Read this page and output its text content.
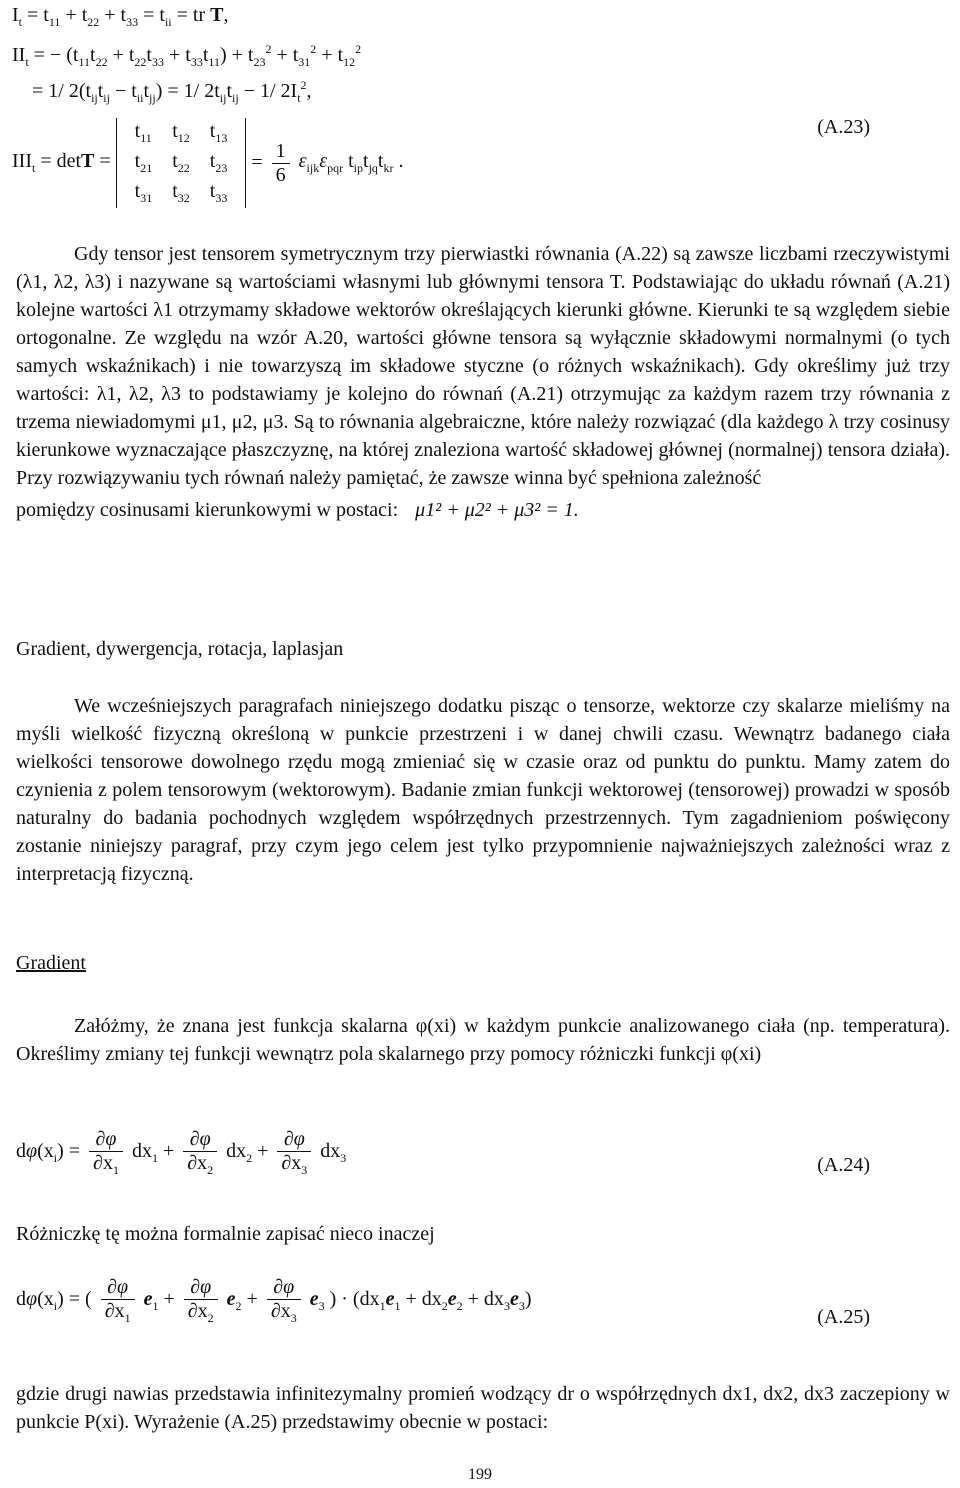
$I_t = t_{11} + t_{22} + t_{33} = t_{ii}$ = tr T,
$II_t$ = − $(t_{11}t_{22} + t_{22}t_{33} + t_{33}t_{11}) + t_{23}^2 + t_{31}^2 + t_{12}^2$
= 1/ $2(t_{ij}t_{ij} - t_{ii}t_{jj}) = 1/$ $2t_{ij}t_{ij} - 1/$ $2I_t^2$,
$III_t = \det T$ =
$t_{11}$	$t_{12}$	$t_{13}$
$t_{21}$	$t_{22}$	$t_{23}$
$t_{31}$	$t_{32}$	$t_{33}$
= $\frac{1}{6} \varepsilon_{ijk}\varepsilon_{pqr}$ $t_{ip}t_{jq}t_{kr}$ .
(A.23)

Gdy tensor jest tensorem symetrycznym trzy pierwiastki równania (A.22) są zawsze liczbami rzeczywistymi (λ1, λ2, λ3) i nazywane są wartościami własnymi lub głównymi tensora T. Podstawiając do układu równań (A.21) kolejne wartości λ1 otrzymamy składowe wektorów określających kierunki główne. Kierunki te są względem siebie ortogonalne. Ze względu na wzór A.20, wartości główne tensora są wyłącznie składowymi normalnymi (o tych samych wskaźnikach) i nie towarzyszą im składowe styczne (o różnych wskaźnikach). Gdy określimy już trzy wartości: λ1, λ2, λ3 to podstawiamy je kolejno do równań (A.21) otrzymując za każdym razem trzy równania z trzema niewiadomymi μ1, μ2, μ3. Są to równania algebraiczne, które należy rozwiązać (dla każdego λ trzy cosinusy kierunkowe wyznaczające płaszczyznę, na której znaleziona wartość składowej głównej (normalnej) tensora działa). Przy rozwiązywaniu tych równań należy pamiętać, że zawsze winna być spełniona zależność

pomiędzy cosinusami kierunkowymi w postaci: μ1² + μ2² + μ3² = 1.

Gradient, dywergencja, rotacja, laplasjan

We wcześniejszych paragrafach niniejszego dodatku pisząc o tensorze, wektorze czy skalarze mieliśmy na myśli wielkość fizyczną określoną w punkcie przestrzeni i w danej chwili czasu. Wewnątrz badanego ciała wielkości tensorowe dowolnego rzędu mogą zmieniać się w czasie oraz od punktu do punktu. Mamy zatem do czynienia z polem tensorowym (wektorowym). Badanie zmian funkcji wektorowej (tensorowej) prowadzi w sposób naturalny do badania pochodnych względem współrzędnych przestrzennych. Tym zagadnieniom poświęcony zostanie niniejszy paragraf, przy czym jego celem jest tylko przypomnienie najważniejszych zależności wraz z interpretacją fizyczną.

Gradient

Załóżmy, że znana jest funkcja skalarna φ(xi) w każdym punkcie analizowanego ciała (np. temperatura). Określimy zmiany tej funkcji wewnątrz pola skalarnego przy pomocy różniczki funkcji φ(xi)

$d\varphi(x_i) = \frac{\partial\varphi}{\partial x_1} dx_1 + \frac{\partial\varphi}{\partial x_2} dx_2 + \frac{\partial\varphi}{\partial x_3} dx_3$	(A.24)

Różniczkę tę można formalnie zapisać nieco inaczej

$d\varphi(x_i)$ = ( $\frac{\partial\varphi}{\partial x_1} e_1 + \frac{\partial\varphi}{\partial x_2} e_2 + \frac{\partial\varphi}{\partial x_3} e_3$ ) · $(dx_1e_1 + dx_2e_2 + dx_3e_3)$
(A.25)

gdzie drugi nawias przedstawia infinitezymalny promień wodzący dr o współrzędnych dx1, dx2, dx3 zaczepiony w punkcie P(xi). Wyrażenie (A.25) przedstawimy obecnie w postaci:

199
